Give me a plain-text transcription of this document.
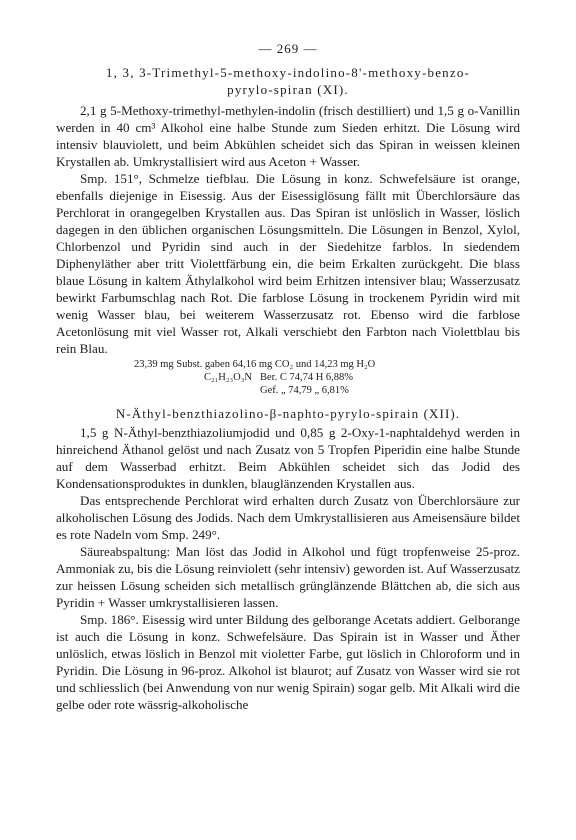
— 269 —
1, 3, 3-Trimethyl-5-methoxy-indolino-8'-methoxy-benzo-
pyrylo-spiran (XI).

2,1 g 5-Methoxy-trimethyl-methylen-indolin (frisch destilliert) und 1,5 g o-Vanillin werden in 40 cm³ Alkohol eine halbe Stunde zum Sieden erhitzt. Die Lösung wird intensiv blauviolett, und beim Abkühlen scheidet sich das Spiran in weissen kleinen Krystallen ab. Umkrystallisiert wird aus Aceton + Wasser.

Smp. 151°, Schmelze tiefblau. Die Lösung in konz. Schwefelsäure ist orange, ebenfalls diejenige in Eisessig. Aus der Eisessiglösung fällt mit Überchlorsäure das Perchlorat in orangegelben Krystallen aus. Das Spiran ist unlöslich in Wasser, löslich dagegen in den üblichen organischen Lösungsmitteln. Die Lösungen in Benzol, Xylol, Chlorbenzol und Pyridin sind auch in der Siedehitze farblos. In siedendem Diphenyläther aber tritt Violettfärbung ein, die beim Erkalten zurückgeht. Die blass blaue Lösung in kaltem Äthylalkohol wird beim Erhitzen intensiver blau; Wasserzusatz bewirkt Farbumschlag nach Rot. Die farblose Lösung in trockenem Pyridin wird mit wenig Wasser blau, bei weiterem Wasserzusatz rot. Ebenso wird die farblose Acetonlösung mit viel Wasser rot, Alkali verschiebt den Farbton nach Violettblau bis rein Blau.

23,39 mg Subst. gaben 64,16 mg CO₂ und 14,23 mg H₂O
C₂₁H₂₃O₃N Ber. C 74,74 H 6,88%
Gef. „ 74,79 „ 6,81%
N-Äthyl-benzthiazolino-β-naphto-pyrylo-spirain (XII).

1,5 g N-Äthyl-benzthiazoliumjodid und 0,85 g 2-Oxy-1-naphtaldehyd werden in hinreichend Äthanol gelöst und nach Zusatz von 5 Tropfen Piperidin eine halbe Stunde auf dem Wasserbad erhitzt. Beim Abkühlen scheidet sich das Jodid des Kondensationsproduktes in dunklen, blauglänzenden Krystallen aus.

Das entsprechende Perchlorat wird erhalten durch Zusatz von Überchlorsäure zur alkoholischen Lösung des Jodids. Nach dem Umkrystallisieren aus Ameisensäure bildet es rote Nadeln vom Smp. 249°.

Säureabspaltung: Man löst das Jodid in Alkohol und fügt tropfenweise 25-proz. Ammoniak zu, bis die Lösung reinviolett (sehr intensiv) geworden ist. Auf Wasserzusatz zur heissen Lösung scheiden sich metallisch grünglänzende Blättchen ab, die sich aus Pyridin + Wasser umkrystallisieren lassen.

Smp. 186°. Eisessig wird unter Bildung des gelborange Acetats addiert. Gelborange ist auch die Lösung in konz. Schwefelsäure. Das Spirain ist in Wasser und Äther unlöslich, etwas löslich in Benzol mit violetter Farbe, gut löslich in Chloroform und in Pyridin. Die Lösung in 96-proz. Alkohol ist blaurot; auf Zusatz von Wasser wird sie rot und schliesslich (bei Anwendung von nur wenig Spirain) sogar gelb. Mit Alkali wird die gelbe oder rote wässrig-alkoholische
